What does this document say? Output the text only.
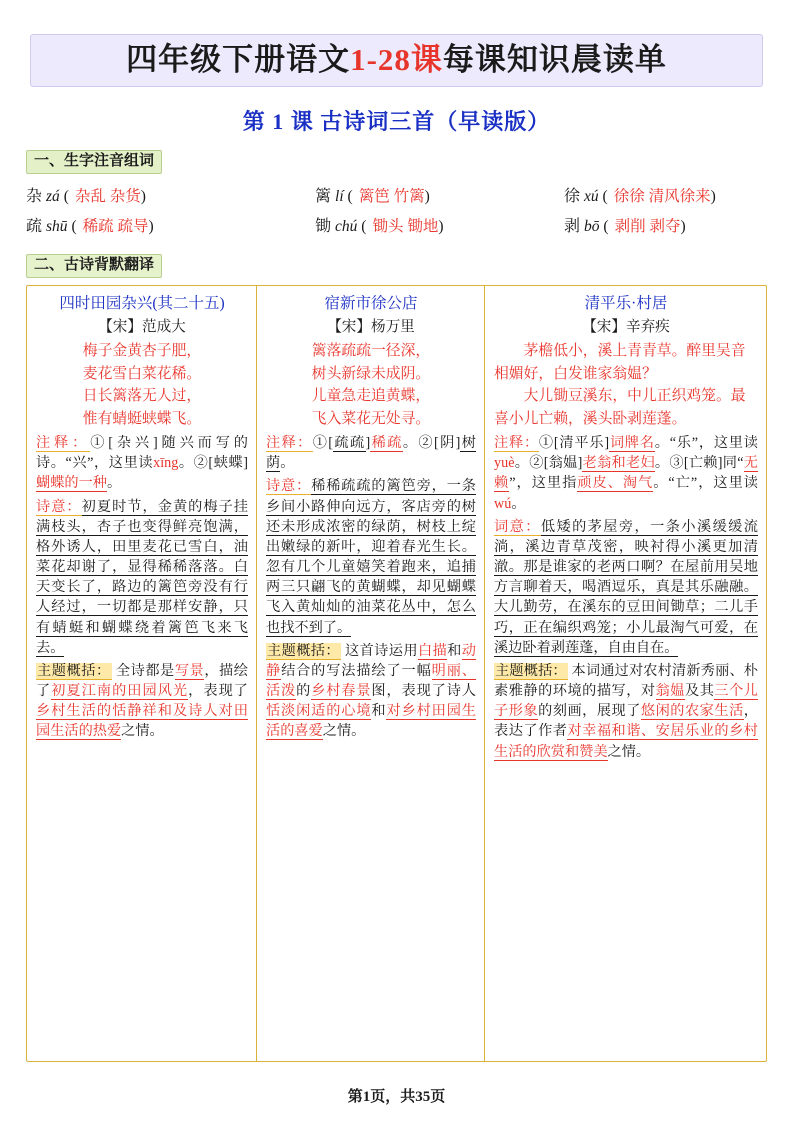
四年级下册语文1-28课每课知识晨读单
第 1 课 古诗词三首（早读版）
一、生字注音组词
杂 zá ( 杂乱 杂货)	篱 lí ( 篱笆 竹篱)	徐 xú ( 徐徐 清风徐来)
疏 shū ( 稀疏 疏导)	锄 chú ( 锄头 锄地)	剥 bō ( 剥削 剥夺)
二、古诗背默翻译
四时田园杂兴(其二十五)
【宋】范成大
梅子金黄杏子肥，
麦花雪白菜花稀。
日长篱落无人过，
惟有蜻蜓蛱蝶飞。
注释：①[杂兴]随兴而写的诗。“兴”，这里读xīng。②[蛱蝶]蝴蝶的一种。
诗意：初夏时节，金黄的梅子挂满枝头，杏子也变得鲜亮饱满，格外诱人，田里麦花已雪白，油菜花却谢了，显得稀稀落落。白天变长了，路边的篱笆旁没有行人经过，一切都是那样安静，只有蜻蜓和蝴蝶绕着篱笆飞来飞去。
主题概括： 全诗都是写景，描绘了初夏江南的田园风光，表现了乡村生活的恬静祥和及诗人对田园生活的热爱之情。
宿新市徐公店
【宋】杨万里
篱落疏疏一径深，
树头新绿未成阴。
儿童急走追黄蝶，
飞入菜花无处寻。
注释：①[疏疏]稀疏。②[阴]树荫。
诗意：稀稀疏疏的篱笆旁，一条乡间小路伸向远方，客店旁的树还未形成浓密的绿荫，树枝上绽出嫩绿的新叶，迎着春光生长。忽有几个儿童嬉笑着跑来，追捕两三只翩飞的黄蝴蝶，却见蝴蝶飞入黄灿灿的油菜花丛中，怎么也找不到了。
主题概括： 这首诗运用白描和动静结合的写法描绘了一幅明丽、活泼的乡村春景图，表现了诗人恬淡闲适的心境和对乡村田园生活的喜爱之情。
清平乐·村居
【宋】辛弃疾
茅檐低小，溪上青青草。醉里吴音相媚好，白发谁家翁媪？
大儿锄豆溪东，中儿正织鸡笼。最喜小儿亡赖，溪头卧剥莲蓬。
注释：①[清平乐]词牌名。“乐”，这里读yuè。②[翁媪]老翁和老妇。③[亡赖]同“无赖”，这里指顽皮、淘气。“亡”，这里读wú。
词意：低矮的茅屋旁，一条小溪缓缓流淌，溪边青草茂密，映衬得小溪更加清澈。那是谁家的老两口啊？在屋前用吴地方言聊着天，喝酒逗乐，真是其乐融融。大儿勤劳，在溪东的豆田间锄草；二儿手巧，正在编织鸡笼；小儿最淘气可爱，在溪边卧着剥莲蓬，自由自在。
主题概括： 本词通过对农村清新秀丽、朴素雅静的环境的描写，对翁媪及其三个儿子形象的刻画，展现了悠闲的农家生活，表达了作者对幸福和谐、安居乐业的乡村生活的欣赏和赞美之情。
第1页，共35页
